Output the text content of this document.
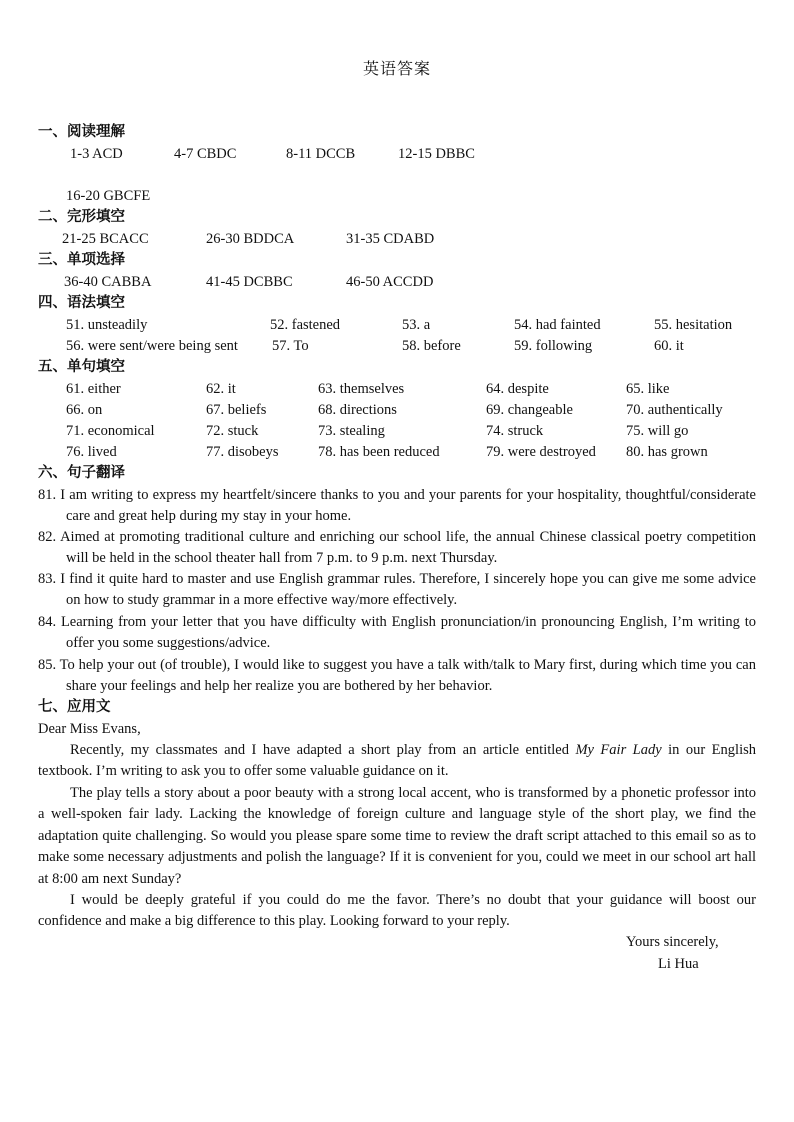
英语答案
一、阅读理解
1-3 ACD	4-7 CBDC	8-11 DCCB	12-15 DBBC
16-20 GBCFE
二、完形填空
21-25 BCACC	26-30 BDDCA	31-35 CDABD
三、单项选择
36-40 CABBA	41-45 DCBBC	46-50 ACCDD
四、语法填空
51. unsteadily	52. fastened	53. a	54. had fainted	55. hesitation
56. were sent/were being sent 57. To	58. before	59. following	60. it
五、单句填空
61. either	62. it	63. themselves	64. despite	65. like
66. on	67. beliefs	68. directions	69. changeable	70. authentically
71. economical	72. stuck	73. stealing	74. struck	75. will go
76. lived	77. disobeys	78. has been reduced	79. were destroyed 80. has grown
六、句子翻译
81. I am writing to express my heartfelt/sincere thanks to you and your parents for your hospitality, thoughtful/considerate care and great help during my stay in your home.
82. Aimed at promoting traditional culture and enriching our school life, the annual Chinese classical poetry competition will be held in the school theater hall from 7 p.m. to 9 p.m. next Thursday.
83. I find it quite hard to master and use English grammar rules. Therefore, I sincerely hope you can give me some advice on how to study grammar in a more effective way/more effectively.
84. Learning from your letter that you have difficulty with English pronunciation/in pronouncing English, I’m writing to offer you some suggestions/advice.
85. To help your out (of trouble), I would like to suggest you have a talk with/talk to Mary first, during which time you can share your feelings and help her realize you are bothered by her behavior.
七、应用文
Dear Miss Evans,
Recently, my classmates and I have adapted a short play from an article entitled My Fair Lady in our English textbook. I’m writing to ask you to offer some valuable guidance on it.
The play tells a story about a poor beauty with a strong local accent, who is transformed by a phonetic professor into a well-spoken fair lady. Lacking the knowledge of foreign culture and language style of the short play, we find the adaptation quite challenging. So would you please spare some time to review the draft script attached to this email so as to make some necessary adjustments and polish the language? If it is convenient for you, could we meet in our school art hall at 8:00 am next Sunday?
I would be deeply grateful if you could do me the favor. There’s no doubt that your guidance will boost our confidence and make a big difference to this play. Looking forward to your reply.
Yours sincerely,
Li Hua
